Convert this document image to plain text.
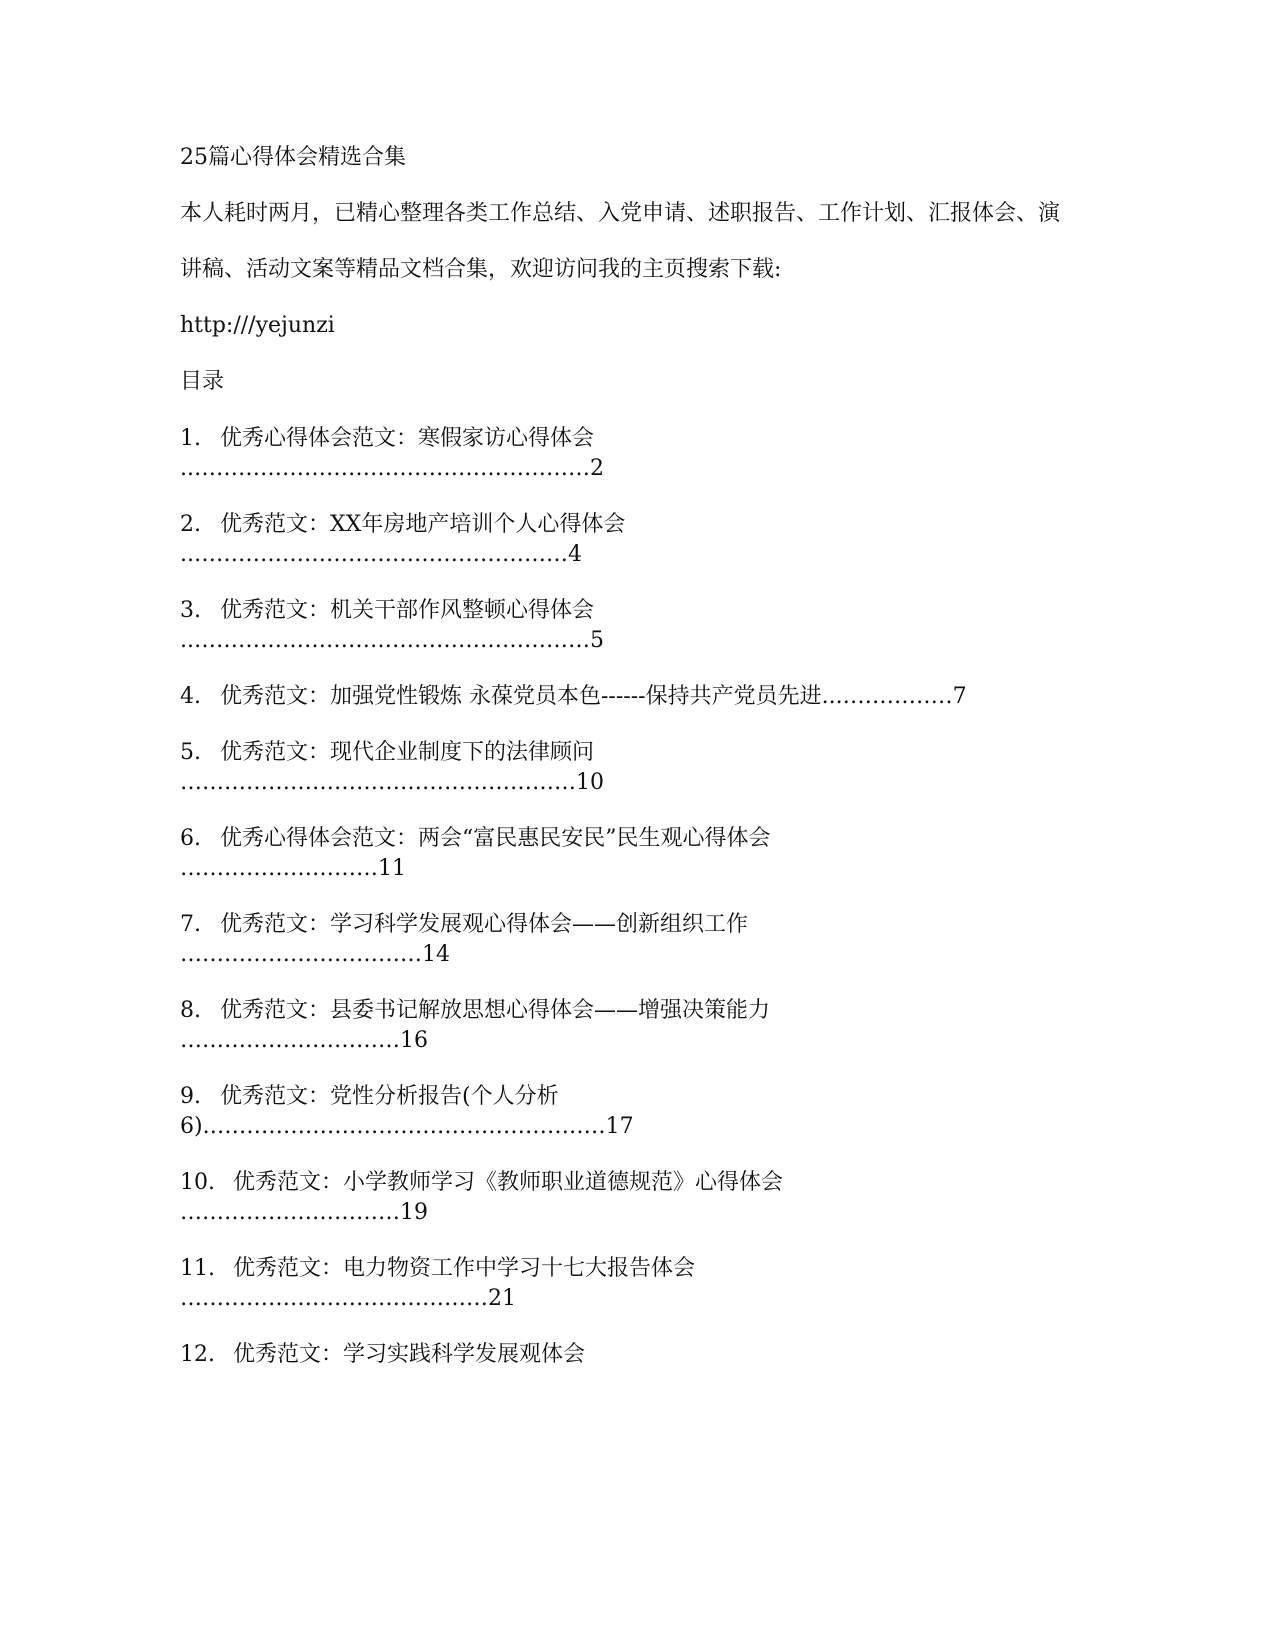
25篇心得体会精选合集
本人耗时两月，已精心整理各类工作总结、入党申请、述职报告、工作计划、汇报体会、演
讲稿、活动文案等精品文档合集，欢迎访问我的主页搜索下载:
http:///yejunzi
目录
1. 优秀心得体会范文：寒假家访心得体会
..………………………………………………2
2. 优秀范文：XX年房地产培训个人心得体会
..……………………………………………4
3. 优秀范文：机关干部作风整顿心得体会
..………………………………………………5
4. 优秀范文：加强党性锻炼 永葆党员本色------保持共产党员先进...……………7
5. 优秀范文：现代企业制度下的法律顾问
………………………………………………10
6. 优秀心得体会范文：两会“富民惠民安民”民生观心得体会
………………………11
7. 优秀范文：学习科学发展观心得体会——创新组织工作
……………………………14
8. 优秀范文：县委书记解放思想心得体会——增强决策能力
…………………………16
9. 优秀范文：党性分析报告(个人分析
6).………………………………………………17
10. 优秀范文：小学教师学习《教师职业道德规范》心得体会
…………………………19
11. 优秀范文：电力物资工作中学习十七大报告体会
……………………………………21
12. 优秀范文：学习实践科学发展观体会
